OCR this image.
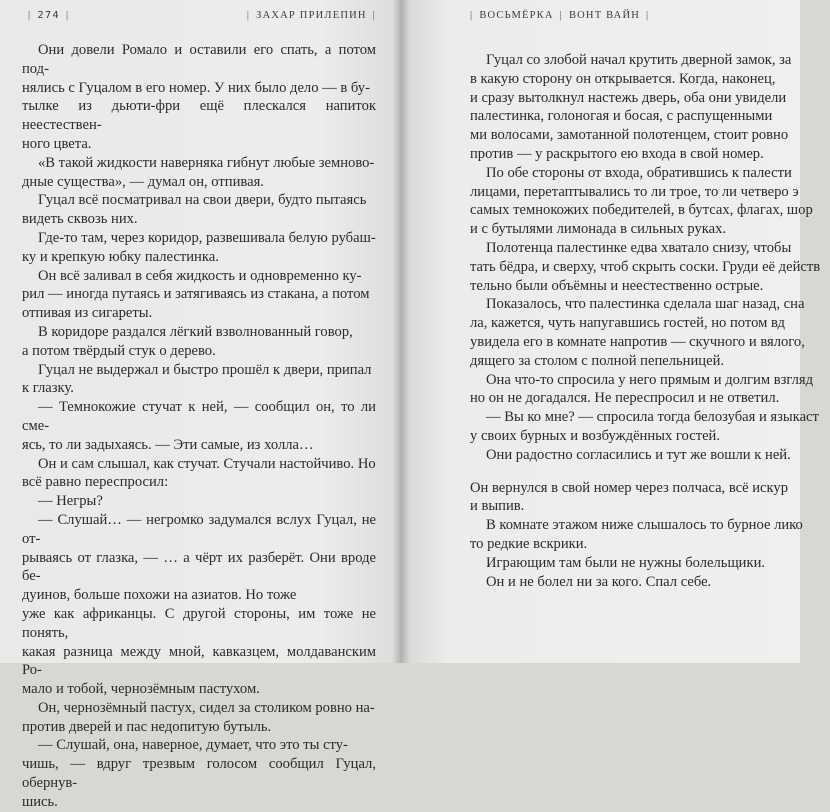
| 274 |	| ЗАХАР ПРИЛЕПИН |

Они довели Ромало и оставили его спать, а потом под-
нялись с Гуцалом в его номер. У них было дело — в бу-
тылке из дьюти-фри ещё плескался напиток неестествен-
ного цвета.

«В такой жидкости наверняка гибнут любые земново-
дные существа», — думал он, отпивая.

Гуцал всё посматривал на свои двери, будто пытаясь
видеть сквозь них.

Где-то там, через коридор, развешивала белую рубаш-
ку и крепкую юбку палестинка.

Он всё заливал в себя жидкость и одновременно ку-
рил — иногда путаясь и затягиваясь из стакана, а потом
отпивая из сигареты.

В коридоре раздался лёгкий взволнованный говор,
а потом твёрдый стук о дерево.

Гуцал не выдержал и быстро прошёл к двери, припал
к глазку.

— Темнокожие стучат к ней, — сообщил он, то ли сме-
ясь, то ли задыхаясь. — Эти самые, из холла…

Он и сам слышал, как стучат. Стучали настойчиво. Но
всё равно переспросил:

— Негры?

— Слушай… — негромко задумался вслух Гуцал, не от-
рываясь от глазка, — … а чёрт их разберёт. Они вроде бе-
дуинов, больше похожи на азиатов. Но тоже
уже как африканцы. С другой стороны, им тоже не понять,
какая разница между мной, кавказцем, молдаванским Ро-
мало и тобой, чернозёмным пастухом.

Он, чернозёмный пастух, сидел за столиком ровно на-
против дверей и пас недопитую бутыль.

— Слушай, она, наверное, думает, что это ты сту-
чишь, — вдруг трезвым голосом сообщил Гуцал, обернув-
шись.

| ВОСЬМЁРКА | ВОНТ ВАЙН |

Гуцал со злобой начал крутить дверной замок, за
в какую сторону он открывается. Когда, наконец,
и сразу вытолкнул настежь дверь, оба они увидели
палестинка, голоногая и босая, с распущенными
ми волосами, замотанной полотенцем, стоит ровно
против — у раскрытого ею входа в свой номер.

По обе стороны от входа, обратившись к палести
лицами, перетаптывались то ли трое, то ли четверо э
самых темнокожих победителей, в бутсах, флагах, шор
и с бутылями лимонада в сильных руках.

Полотенца палестинке едва хватало снизу, чтобы
тать бёдра, и сверху, чтоб скрыть соски. Груди её действ
тельно были объёмны и неестественно острые.

Показалось, что палестинка сделала шаг назад, сна
ла, кажется, чуть напугавшись гостей, но потом вд
увидела его в комнате напротив — скучного и вялого,
дящего за столом с полной пепельницей.

Она что-то спросила у него прямым и долгим взгляд
но он не догадался. Не переспросил и не ответил.

— Вы ко мне? — спросила тогда белозубая и языкаст
у своих бурных и возбуждённых гостей.

Они радостно согласились и тут же вошли к ней.

Он вернулся в свой номер через полчаса, всё искур
и выпив.

В комнате этажом ниже слышалось то бурное лико
то редкие вскрики.

Играющим там были не нужны болельщики.

Он и не болел ни за кого. Спал себе.
